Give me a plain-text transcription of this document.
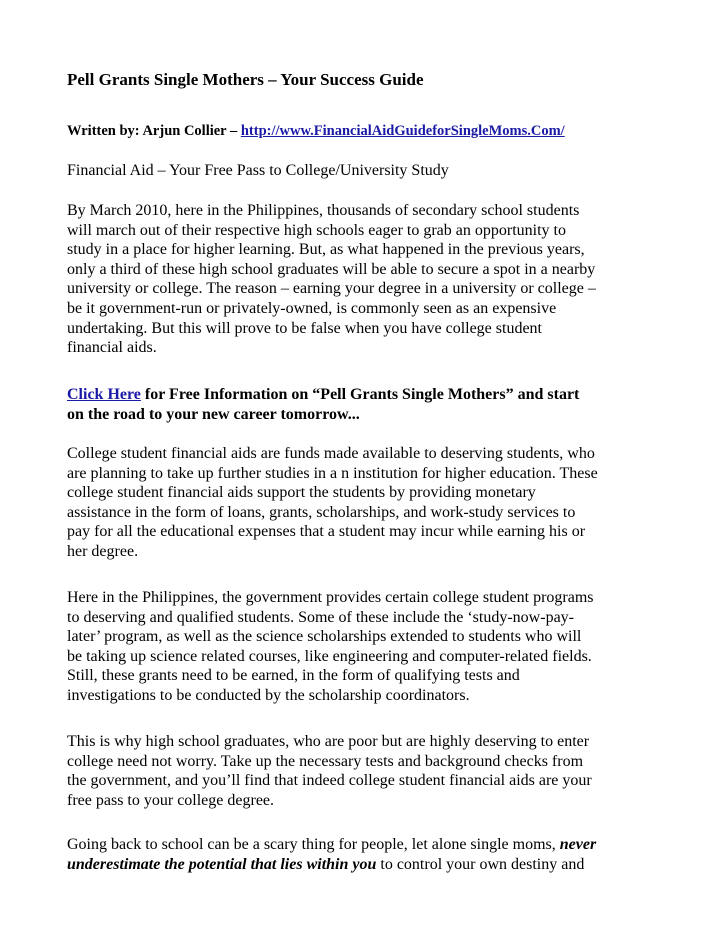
Pell Grants Single Mothers – Your Success Guide
Written by: Arjun Collier – http://www.FinancialAidGuideforSingleMoms.Com/
Financial Aid – Your Free Pass to College/University Study
By March 2010, here in the Philippines, thousands of secondary school students
will march out of their respective high schools eager to grab an opportunity to
study in a place for higher learning. But, as what happened in the previous years,
only a third of these high school graduates will be able to secure a spot in a nearby
university or college. The reason – earning your degree in a university or college –
be it government-run or privately-owned, is commonly seen as an expensive
undertaking. But this will prove to be false when you have college student
financial aids.
Click Here for Free Information on “Pell Grants Single Mothers” and start
on the road to your new career tomorrow...
College student financial aids are funds made available to deserving students, who
are planning to take up further studies in a n institution for higher education. These
college student financial aids support the students by providing monetary
assistance in the form of loans, grants, scholarships, and work-study services to
pay for all the educational expenses that a student may incur while earning his or
her degree.
Here in the Philippines, the government provides certain college student programs
to deserving and qualified students. Some of these include the ‘study-now-pay-
later’ program, as well as the science scholarships extended to students who will
be taking up science related courses, like engineering and computer-related fields.
Still, these grants need to be earned, in the form of qualifying tests and
investigations to be conducted by the scholarship coordinators.
This is why high school graduates, who are poor but are highly deserving to enter
college need not worry. Take up the necessary tests and background checks from
the government, and you’ll find that indeed college student financial aids are your
free pass to your college degree.
Going back to school can be a scary thing for people, let alone single moms, never
underestimate the potential that lies within you to control your own destiny and
